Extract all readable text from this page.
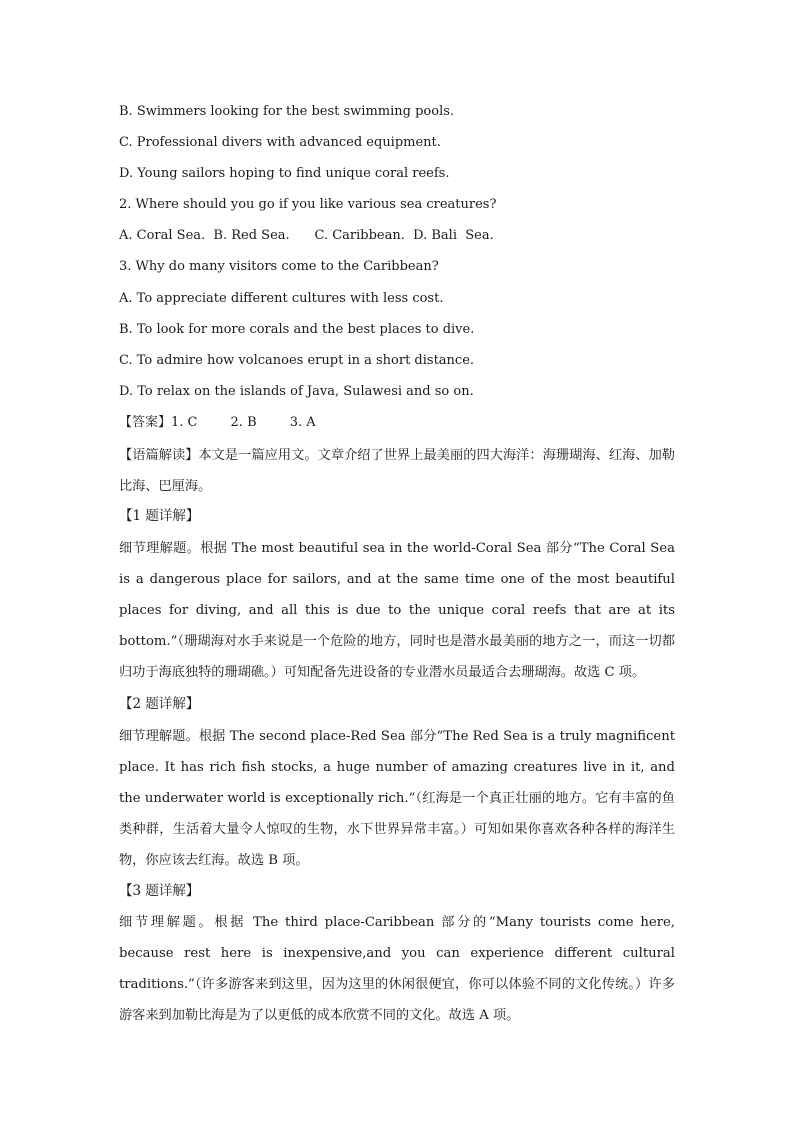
B. Swimmers looking for the best swimming pools.
C. Professional divers with advanced equipment.
D. Young sailors hoping to find unique coral reefs.
2. Where should you go if you like various sea creatures?
A. Coral Sea.  B. Red Sea.      C. Caribbean.  D. Bali  Sea.
3. Why do many visitors come to the Caribbean?
A. To appreciate different cultures with less cost.
B. To look for more corals and the best places to dive.
C. To admire how volcanoes erupt in a short distance.
D. To relax on the islands of Java, Sulawesi and so on.
【答案】1. C        2. B        3. A
【语篇解读】本文是一篇应用文。文章介绍了世界上最美丽的四大海洋：海珊瑚海、红海、加勒比海、巴厘海。
【1 题详解】
细节理解题。根据 The most beautiful sea in the world-Coral Sea 部分“The Coral Sea is a dangerous place for sailors, and at the same time one of the most beautiful places for diving, and all this is due to the unique coral reefs that are at its bottom.”（珊瑚海对水手来说是一个危险的地方，同时也是潜水最美丽的地方之一，而这一切都归功于海底独特的珊瑚礁。）可知配备先进设备的专业潜水员最适合去珊瑚海。故选 C 项。
【2 题详解】
细节理解题。根据 The second place-Red Sea 部分“The Red Sea is a truly magnificent place. It has rich fish stocks, a huge number of amazing creatures live in it, and the underwater world is exceptionally rich.”（红海是一个真正壮丽的地方。它有丰富的鱼类种群，生活着大量令人惊叹的生物，水下世界异常丰富。）可知如果你喜欢各种各样的海洋生物，你应该去红海。故选 B 项。
【3 题详解】
细节理解题。根据 The third place-Caribbean 部分的“Many tourists come here, because rest here is inexpensive,and you can experience different cultural traditions.”（许多游客来到这里，因为这里的休闲很便宜，你可以体验不同的文化传统。）许多游客来到加勒比海是为了以更低的成本欣赏不同的文化。故选 A 项。
